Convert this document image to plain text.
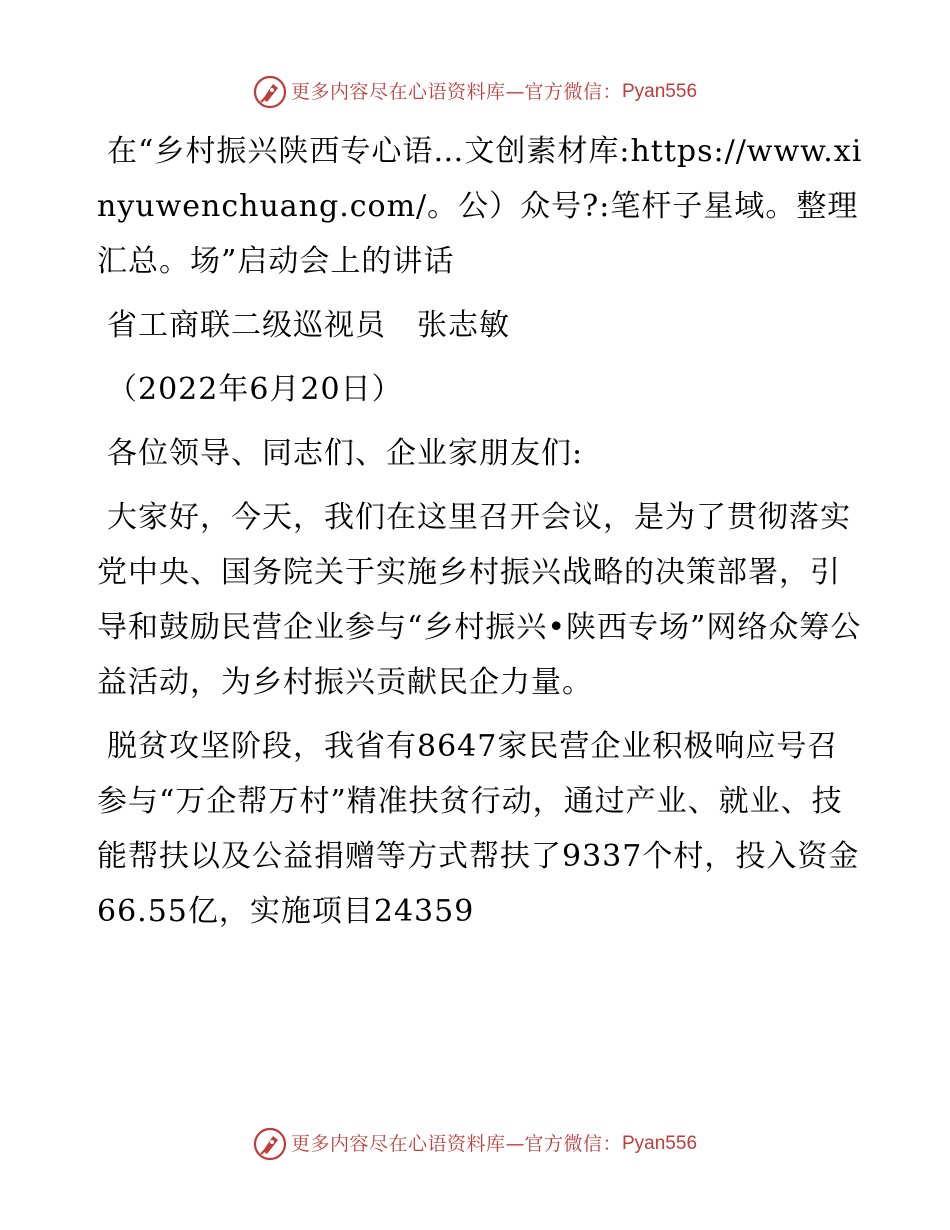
更多内容尽在心语资料库 — 官方微信： Pyan556

在“乡村振兴陕西专心语…文创素材库:https://www.xinyuwenchuang.com/。公）众号?:笔杆子星域。整理汇总。场”启动会上的讲话

省工商联二级巡视员　张志敏

（2022年6月20日）

各位领导、同志们、企业家朋友们:

大家好，今天，我们在这里召开会议，是为了贯彻落实党中央、国务院关于实施乡村振兴战略的决策部署，引导和鼓励民营企业参与“乡村振兴•陕西专场”网络众筹公益活动，为乡村振兴贡献民企力量。

脱贫攻坚阶段，我省有8647家民营企业积极响应号召参与“万企帮万村”精准扶贫行动，通过产业、就业、技能帮扶以及公益捐赠等方式帮扶了9337个村，投入资金66.55亿，实施项目24359

更多内容尽在心语资料库 — 官方微信： Pyan556
